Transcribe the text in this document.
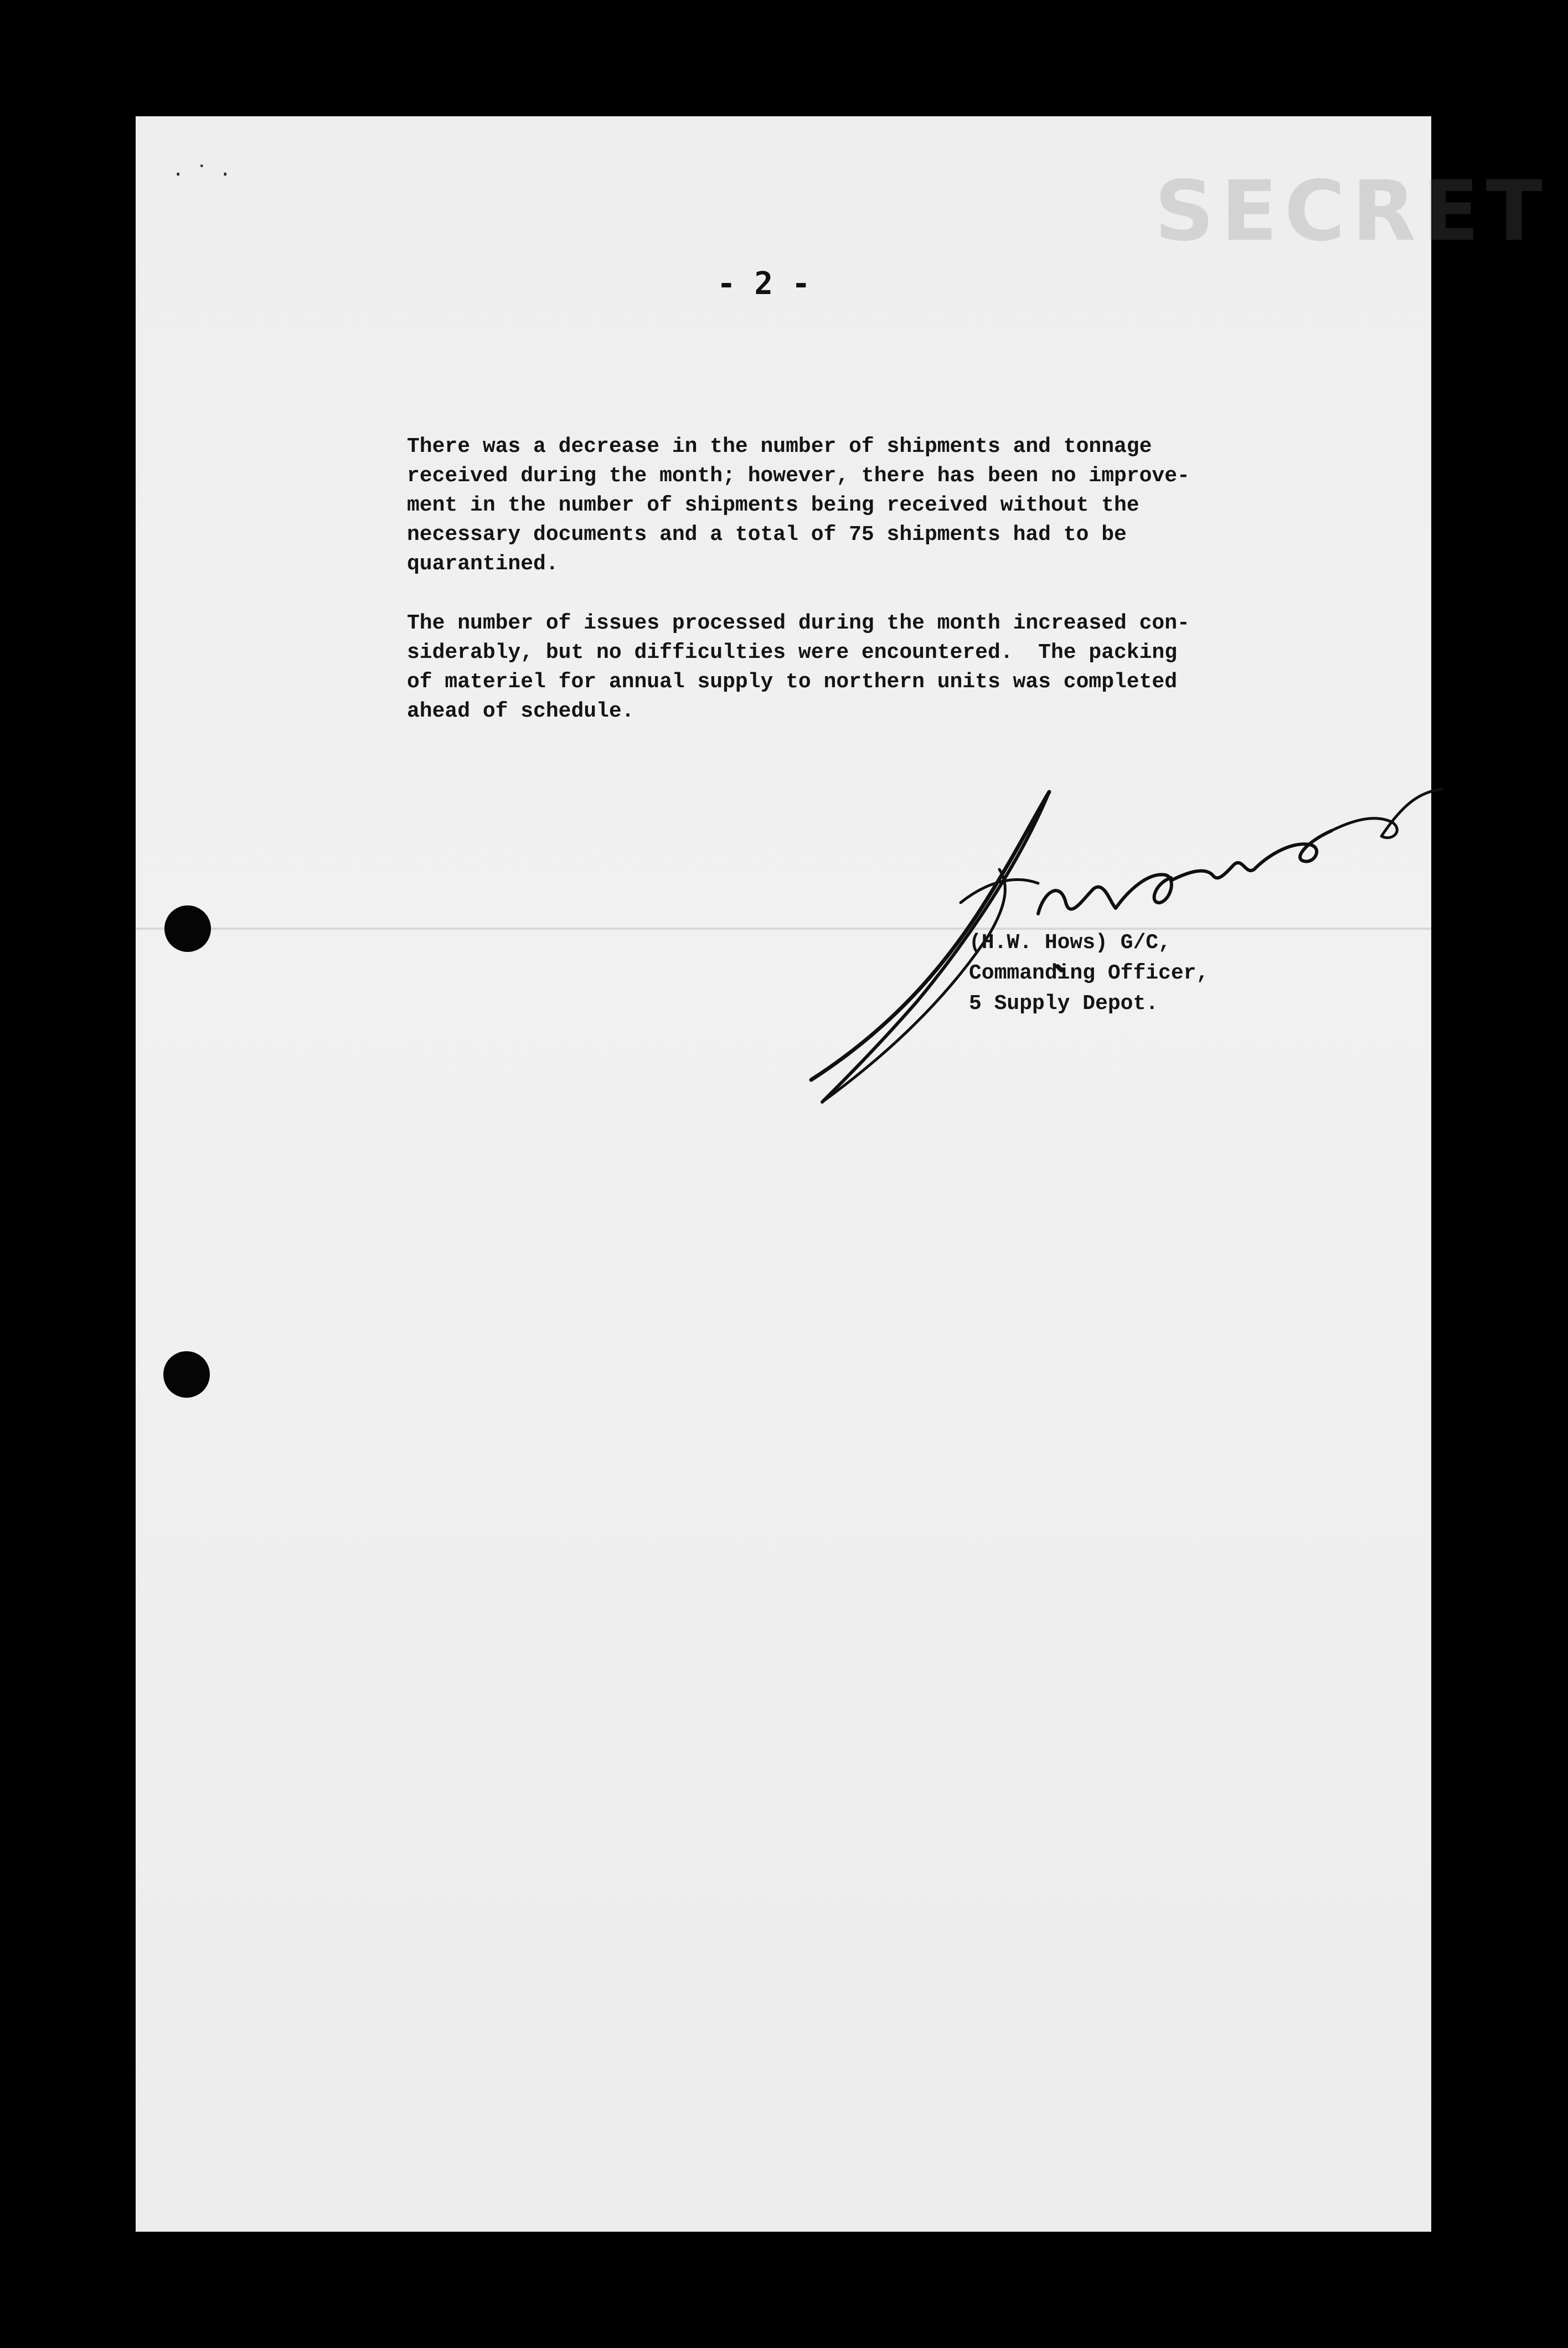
· ˙ ·	SECRET
- 2 -
There was a decrease in the number of shipments and tonnage
received during the month; however, there has been no improve-
ment in the number of shipments being received without the
necessary documents and a total of 75 shipments had to be
quarantined.
The number of issues processed during the month increased con-
siderably, but no difficulties were encountered.  The packing
of materiel for annual supply to northern units was completed
ahead of schedule.
(H.W. Hows) G/C,
Commanding Officer,
5 Supply Depot.
